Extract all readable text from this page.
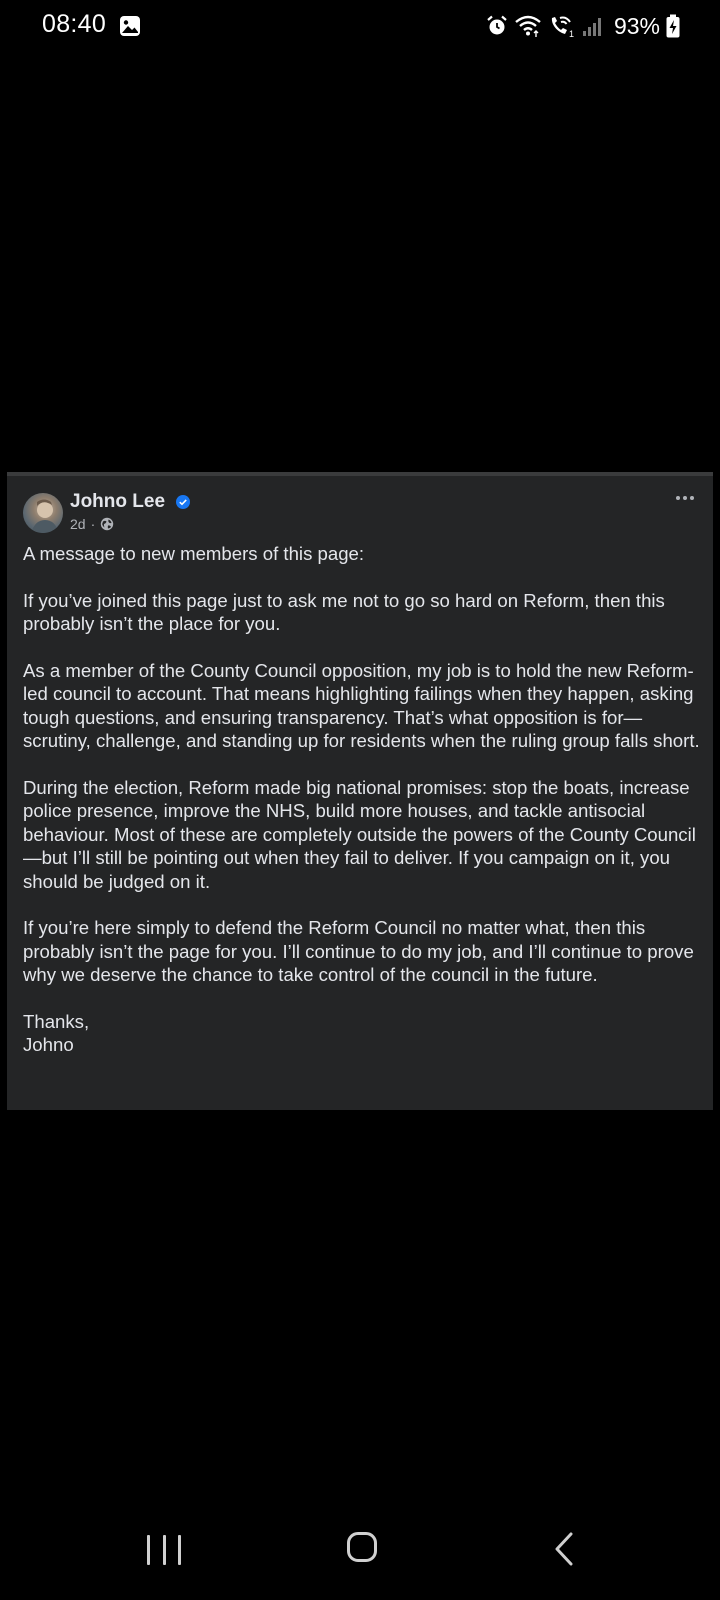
08:40	1 93%
Johno Lee
2d ·

A message to new members of this page:

If you’ve joined this page just to ask me not to go so hard on Reform, then this probably isn’t the place for you.

As a member of the County Council opposition, my job is to hold the new Reform-led council to account. That means highlighting failings when they happen, asking tough questions, and ensuring transparency. That’s what opposition is for—scrutiny, challenge, and standing up for residents when the ruling group falls short.

During the election, Reform made big national promises: stop the boats, increase police presence, improve the NHS, build more houses, and tackle antisocial behaviour. Most of these are completely outside the powers of the County Council—but I’ll still be pointing out when they fail to deliver. If you campaign on it, you should be judged on it.

If you’re here simply to defend the Reform Council no matter what, then this probably isn’t the page for you. I’ll continue to do my job, and I’ll continue to prove why we deserve the chance to take control of the council in the future.

Thanks,
Johno
